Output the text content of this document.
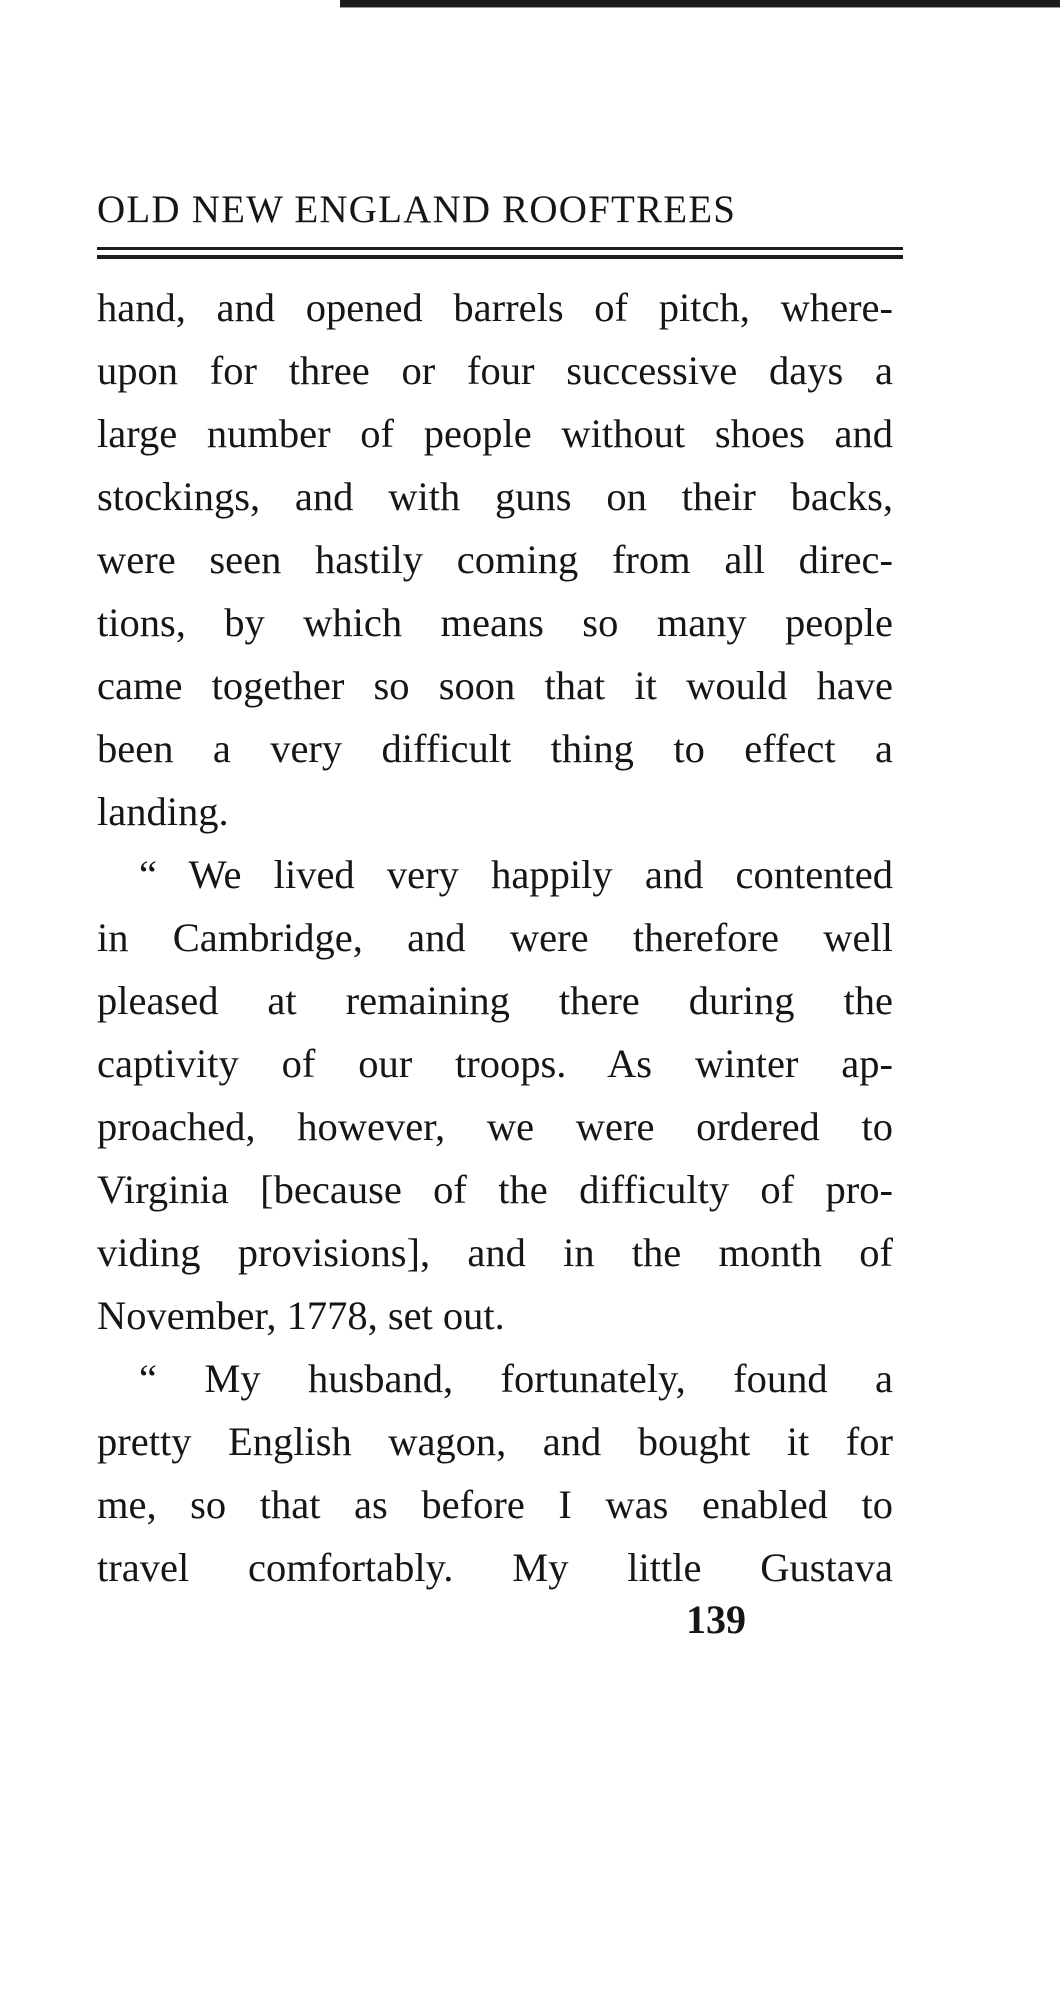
OLD NEW ENGLAND ROOFTREES
hand, and opened barrels of pitch, where-
upon for three or four successive days a
large number of people without shoes and
stockings, and with guns on their backs,
were seen hastily coming from all direc-
tions, by which means so many people
came together so soon that it would have
been a very difficult thing to effect a
landing.
“ We lived very happily and contented
in Cambridge, and were therefore well
pleased at remaining there during the
captivity of our troops. As winter ap-
proached, however, we were ordered to
Virginia [because of the difficulty of pro-
viding provisions], and in the month of
November, 1778, set out.
“ My husband, fortunately, found a
pretty English wagon, and bought it for
me, so that as before I was enabled to
travel comfortably. My little Gustava

139
